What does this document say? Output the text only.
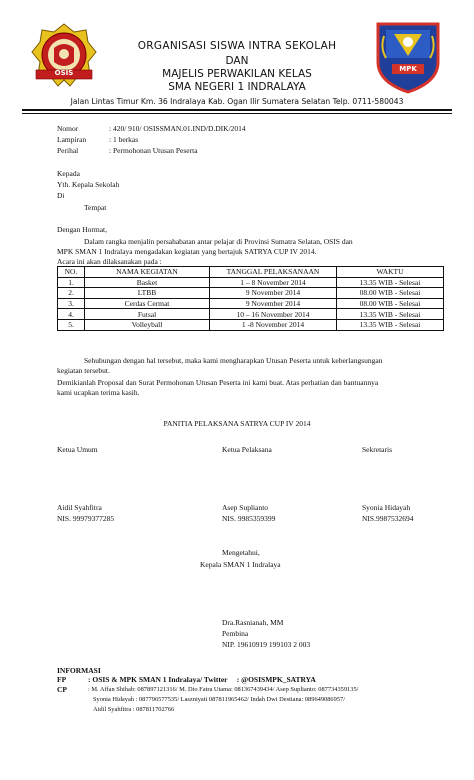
OSIS	MPK
ORGANISASI SISWA INTRA SEKOLAH
DAN
MAJELIS PERWAKILAN KELAS
SMA NEGERI 1 INDRALAYA
Jalan Lintas Timur Km. 36 Indralaya Kab. Ogan Ilir Sumatera Selatan Telp. 0711-580043
Nomor	: 420/ 910/ OSISSMAN.01.IND/D.DIK/2014
Lampiran	: 1 berkas
Perihal	: Permohonan Utusan Peserta
Kepada
Yth. Kepala Sekolah
Di
Tempat
Dengan Hormat,
Dalam rangka menjalin persahabatan antar pelajar di Provinsi Sumatra Selatan, OSIS dan
MPK SMAN 1 Indralaya mengadakan kegiatan yang bertajuk SATRYA CUP IV 2014.
Acara ini akan dilaksanakan pada :
NO.	NAMA KEGIATAN	TANGGAL PELAKSANAAN	WAKTU
1.	Basket	1 – 8 November 2014	13.35 WIB - Selesai
2.	LTBB	9 November 2014	08.00 WIB - Selesai
3.	Cerdas Cermat	9 November 2014	08.00 WIB - Selesai
4.	Futsal	10 – 16 November 2014	13.35 WIB - Selesai
5.	Volleyball	1 -8 November 2014	13.35 WIB - Selesai
Sehubungan dengan hal tersebut, maka kami mengharapkan Utusan Peserta untuk keberlangsungan
kegiatan tersebut.
Demikianlah Proposal dan Surat Permohonan Utusan Peserta ini kami buat. Atas perhatian dan bantuannya
kami ucapkan terima kasih.
PANITIA PELAKSANA SATRYA CUP IV 2014
Ketua Umum	Ketua Pelaksana	Sekretaris
Aidil Syahfitra
NIS. 99979377285
Asep Suplianto
NIS. 9985359399
Syonia Hidayah
NIS.9987532694
Mengetahui,
Kepala SMAN 1 Indralaya
Dra.Rasnianah, MM
Pembina
NIP. 19610919 199103 2 003
INFORMASI
FP	: OSIS & MPK SMAN 1 Indralaya/ Twitter     : @OSISMPK_SATRYA
CP	: M. Affan Shihab: 087897121316/ M. Dio Fatra Utama: 081367439434/ Asep Suplianto: 087734359135/
Syonia Hidayah : 087796577535/ Laszniyati 087811965462/ Indah Dwi Destiana: 089649086957/
Aidil Syahfitra : 087811702766
